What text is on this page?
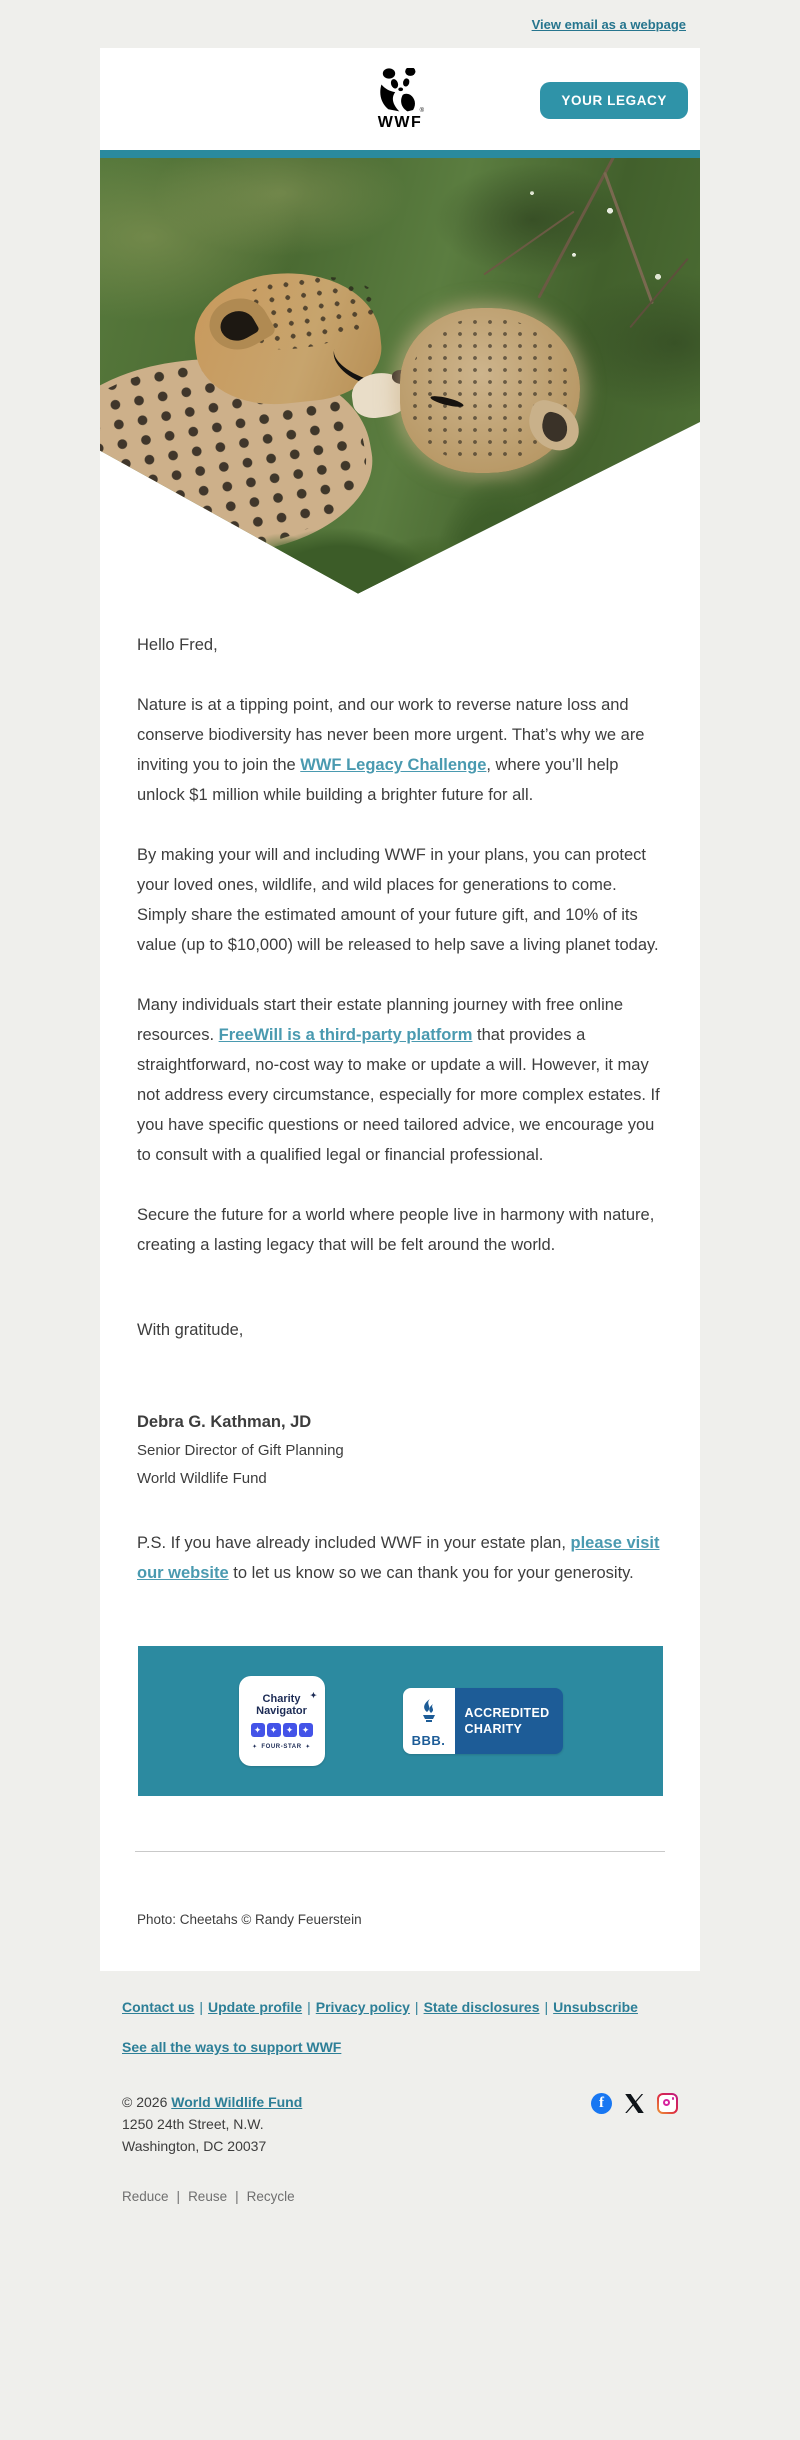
View email as a webpage
®
WWF
YOUR LEGACY

Hello Fred,

Nature is at a tipping point, and our work to reverse nature loss and conserve biodiversity has never been more urgent. That’s why we are inviting you to join the WWF Legacy Challenge, where you’ll help unlock $1 million while building a brighter future for all.

By making your will and including WWF in your plans, you can protect your loved ones, wildlife, and wild places for generations to come. Simply share the estimated amount of your future gift, and 10% of its value (up to $10,000) will be released to help save a living planet today.

Many individuals start their estate planning journey with free online resources. FreeWill is a third-party platform that provides a straightforward, no-cost way to make or update a will. However, it may not address every circumstance, especially for more complex estates. If you have specific questions or need tailored advice, we encourage you to consult with a qualified legal or financial professional.

Secure the future for a world where people live in harmony with nature, creating a lasting legacy that will be felt around the world.

With gratitude,

Debra G. Kathman, JD
Senior Director of Gift Planning
World Wildlife Fund

P.S. If you have already included WWF in your estate plan, please visit our website to let us know so we can thank you for your generosity.

Charity ✦

Navigator
✦ ✦ ✦ ✦
✦ FOUR-STAR ✦	BBB.
ACCREDITED
CHARITY

Photo: Cheetahs © Randy Feuerstein

Contact us | Update profile | Privacy policy | State disclosures | Unsubscribe
See all the ways to support WWF
© 2026 World Wildlife Fund
1250 24th Street, N.W.
Washington, DC 20037
f
Reduce | Reuse | Recycle
